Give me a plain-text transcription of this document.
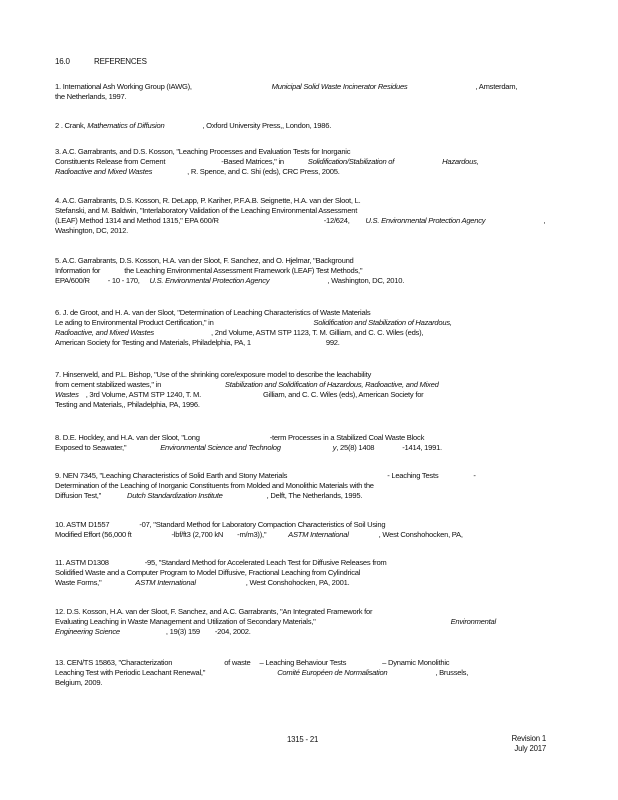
16.0	REFERENCES
1. International Ash Working Group (IAWG),	Municipal Solid Waste Incinerator Residues	, Amsterdam,
the Netherlands, 1997.
2 . Crank, Mathematics of Diffusion	, Oxford University Press,, London, 1986.
3. A.C. Garrabrants, and D.S. Kosson, "Leaching Processes and Evaluation Tests for Inorganic
Constituents Release from Cement	-Based Matrices," in	Solidification/Stabilization of	Hazardous,
Radioactive and Mixed Wastes	, R. Spence, and C. Shi (eds), CRC Press, 2005.
4. A.C. Garrabrants, D.S. Kosson, R. DeLapp, P. Kariher, P.F.A.B. Seignette, H.A. van der Sloot, L.
Stefanski, and M. Baldwin, "Interlaboratory Validation of the Leaching Environmental Assessment
(LEAF) Method 1314 and Method 1315," EPA 600/R	-12/624, U.S. Environmental Protection Agency	,
Washington, DC, 2012.
5. A.C. Garrabrants, D.S. Kosson, H.A. van der Sloot, F. Sanchez, and O. Hjelmar, "Background
Information for	the Leaching Environmental Assessment Framework (LEAF) Test Methods,"
EPA/600/R - 10 - 170, U.S. Environmental Protection Agency	, Washington, DC, 2010.
6. J. de Groot, and H. A. van der Sloot, "Determination of Leaching Characteristics of Waste Materials
Le ading to Environmental Product Certification," in	Solidification and Stabilization of Hazardous,
Radioactive, and Mixed Wastes	, 2nd Volume, ASTM STP 1123, T. M. Gilliam, and C. C. Wiles (eds),
American Society for Testing and Materials, Philadelphia, PA, 1	992.
7. Hinsenveld, and P.L. Bishop, "Use of the shrinking core/exposure model to describe the leachability
from cement stabilized wastes," in	Stabilization and Solidification of Hazardous, Radioactive, and Mixed
Wastes , 3rd Volume, ASTM STP 1240, T. M.	Gilliam, and C. C. Wiles (eds), American Society for
Testing and Materials,, Philadelphia, PA, 1996.
8. D.E. Hockley, and H.A. van der Sloot, "Long	-term Processes in a Stabilized Coal Waste Block
Exposed to Seawater,"	Environmental Science and Technolog	y, 25(8) 1408	-1414, 1991.
9. NEN 7345, "Leaching Characteristics of Solid Earth and Stony Materials	- Leaching Tests	-
Determination of the Leaching of Inorganic Constituents from Molded and Monolithic Materials with the
Diffusion Test,"	Dutch Standardization Institute	, Delft, The Netherlands, 1995.
10. ASTM D1557	-07, "Standard Method for Laboratory Compaction Characteristics of Soil Using
Modified Effort (56,000 ft	-lbf/ft3 (2,700 kN -m/m3)),"	ASTM International	, West Conshohocken, PA,
11. ASTM D1308	-95, "Standard Method for Accelerated Leach Test for Diffusive Releases from
Solidified Waste and a Computer Program to Model Diffusive, Fractional Leaching from Cylindrical
Waste Forms,"	ASTM International	, West Conshohocken, PA, 2001.
12. D.S. Kosson, H.A. van der Sloot, F. Sanchez, and A.C. Garrabrants, "An Integrated Framework for
Evaluating Leaching in Waste Management and Utilization of Secondary Materials,"	Environmental
Engineering Science	, 19(3) 159 -204, 2002.
13. CEN/TS 15863, "Characterization	of waste – Leaching Behaviour Tests	– Dynamic Monolithic
Leaching Test with Periodic Leachant Renewal,"	Comité Européen de Normalisation	, Brussels,
Belgium, 2009.
1315 - 21	Revision 1
July 2017
